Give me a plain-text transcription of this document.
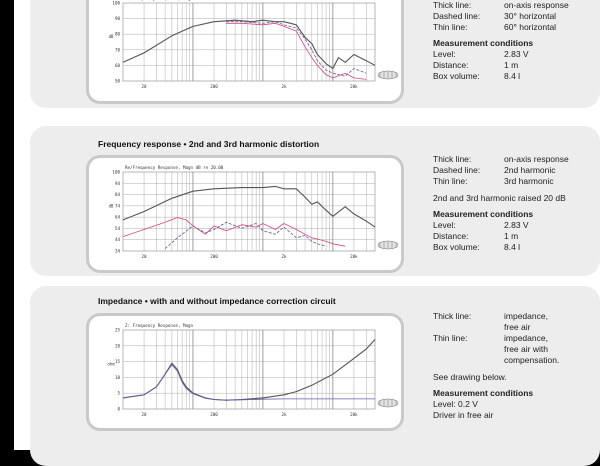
100
90
80
70
60
50
dB
20	200	2k	20k
Thick line:	on-axis response
Dashed line:	30° horizontal
Thin line:	60° horizontal
Measurement conditions
Level:	2.83 V
Distance:	1 m
Box volume:	8.4 l
Frequency response • 2nd and 3rd harmonic distortion
100
94
84
74
64
54
44
34
dB
20	200	2k	20k
Re/Frequency Response, Magn dB re 20.00
Thick line:	on-axis response
Dashed line:	2nd harmonic
Thin line:	3rd harmonic
2nd and 3rd harmonic raised 20 dB
Measurement conditions
Level:	2.83 V
Distance:	1 m
Box volume:	8.4 l
Impedance • with and without impedance correction circuit
25
20
15
10
5
0
ohm
20	200	2k	20k
Z: Frequency Response, Magn
Thick line:	impedance,
free air
Thin line:	impedance,
free air with
compensation.
See drawing below.
Measurement conditions
Level: 0.2 V
Driver in free air
